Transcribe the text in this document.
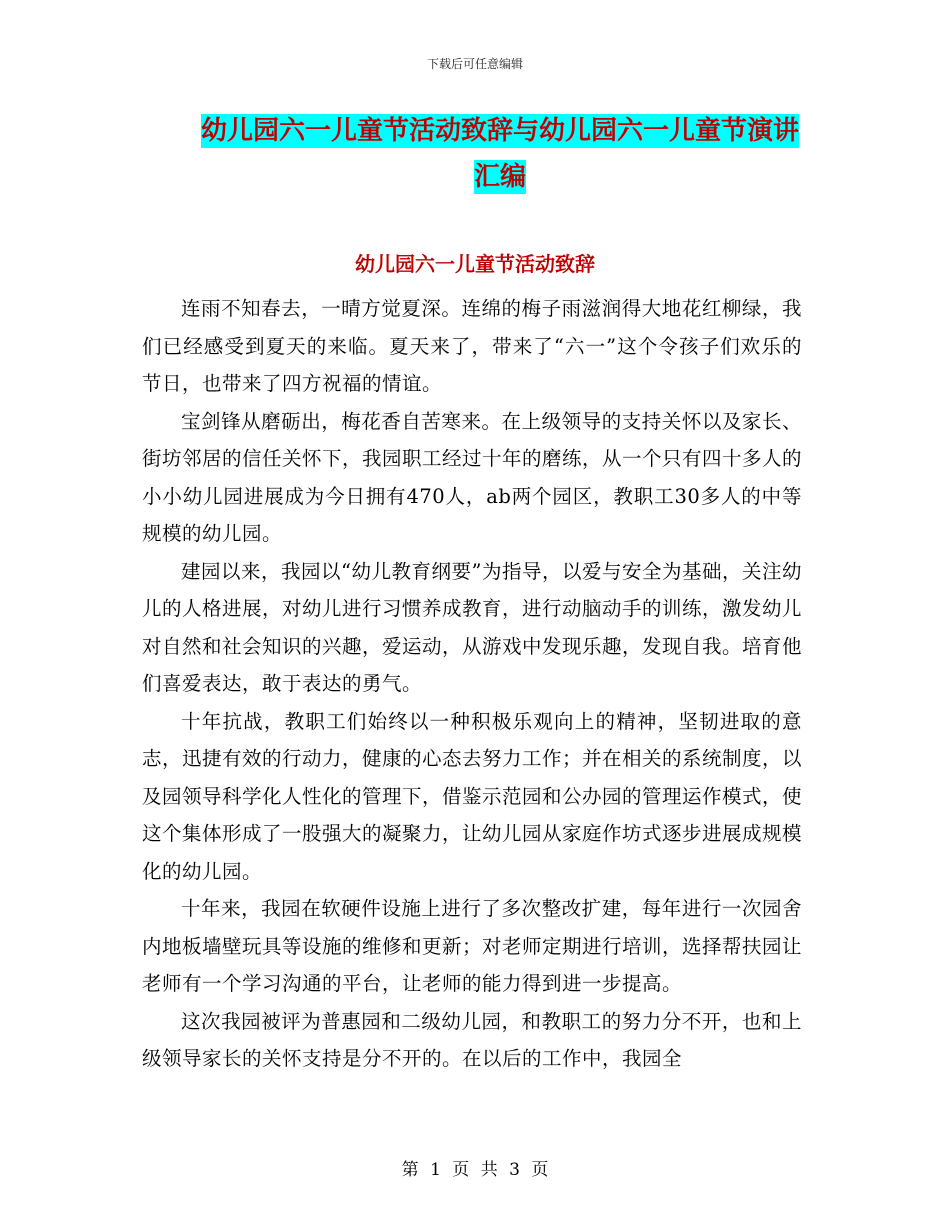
下载后可任意编辑
幼儿园六一儿童节活动致辞与幼儿园六一儿童节演讲
汇编
幼儿园六一儿童节活动致辞

连雨不知春去，一晴方觉夏深。连绵的梅子雨滋润得大地花红柳绿，我们已经感受到夏天的来临。夏天来了，带来了“六一”这个令孩子们欢乐的节日，也带来了四方祝福的情谊。

宝剑锋从磨砺出，梅花香自苦寒来。在上级领导的支持关怀以及家长、街坊邻居的信任关怀下，我园职工经过十年的磨练，从一个只有四十多人的小小幼儿园进展成为今日拥有470人，ab两个园区，教职工30多人的中等规模的幼儿园。

建园以来，我园以“幼儿教育纲要”为指导，以爱与安全为基础，关注幼儿的人格进展，对幼儿进行习惯养成教育，进行动脑动手的训练，激发幼儿对自然和社会知识的兴趣，爱运动，从游戏中发现乐趣，发现自我。培育他们喜爱表达，敢于表达的勇气。

十年抗战，教职工们始终以一种积极乐观向上的精神，坚韧进取的意志，迅捷有效的行动力，健康的心态去努力工作；并在相关的系统制度，以及园领导科学化人性化的管理下，借鉴示范园和公办园的管理运作模式，使这个集体形成了一股强大的凝聚力，让幼儿园从家庭作坊式逐步进展成规模化的幼儿园。

十年来，我园在软硬件设施上进行了多次整改扩建，每年进行一次园舍内地板墙壁玩具等设施的维修和更新；对老师定期进行培训，选择帮扶园让老师有一个学习沟通的平台，让老师的能力得到进一步提高。

这次我园被评为普惠园和二级幼儿园，和教职工的努力分不开，也和上级领导家长的关怀支持是分不开的。在以后的工作中，我园全

第 1 页 共 3 页
